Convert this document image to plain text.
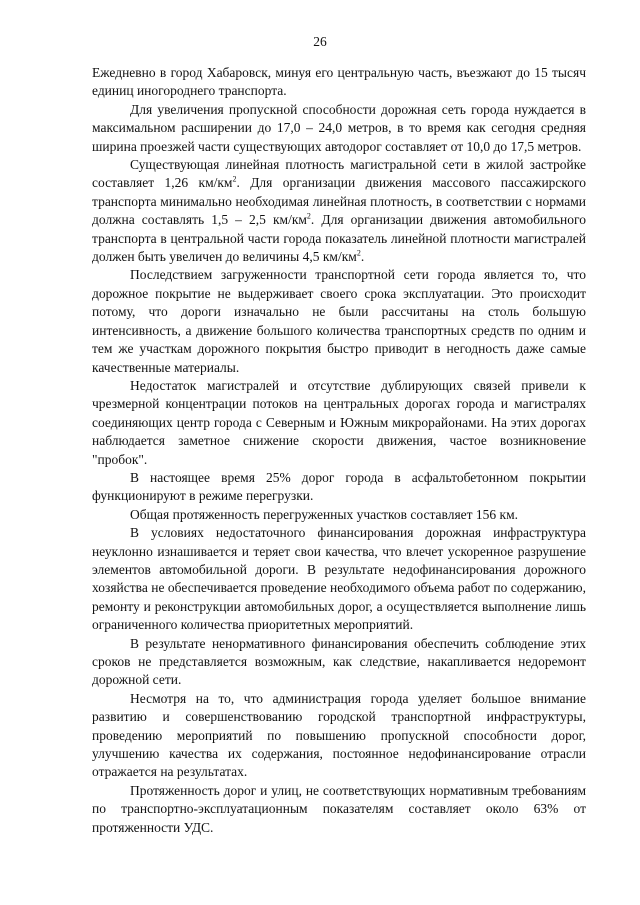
26

Ежедневно в город Хабаровск, минуя его центральную часть, въезжают до 15 тысяч единиц иногороднего транспорта.

Для увеличения пропускной способности дорожная сеть города нуждается в максимальном расширении до 17,0 – 24,0 метров, в то время как сегодня средняя ширина проезжей части существующих автодорог составляет от 10,0 до 17,5 метров.

Существующая линейная плотность магистральной сети в жилой застройке составляет 1,26 $км/км^2$. Для организации движения массового пассажирского транспорта минимально необходимая линейная плотность, в соответствии с нормами должна составлять 1,5 – 2,5 $км/км^2$. Для организации движения автомобильного транспорта в центральной части города показатель линейной плотности магистралей должен быть увеличен до величины 4,5 $км/км^2$.

Последствием загруженности транспортной сети города является то, что дорожное покрытие не выдерживает своего срока эксплуатации. Это происходит потому, что дороги изначально не были рассчитаны на столь большую интенсивность, а движение большого количества транспортных средств по одним и тем же участкам дорожного покрытия быстро приводит в негодность даже самые качественные материалы.

Недостаток магистралей и отсутствие дублирующих связей привели к чрезмерной концентрации потоков на центральных дорогах города и магистралях соединяющих центр города с Северным и Южным микрорайонами. На этих дорогах наблюдается заметное снижение скорости движения, частое возникновение "пробок".

В настоящее время 25% дорог города в асфальтобетонном покрытии функционируют в режиме перегрузки.

Общая протяженность перегруженных участков составляет 156 км.

В условиях недостаточного финансирования дорожная инфраструктура неуклонно изнашивается и теряет свои качества, что влечет ускоренное разрушение элементов автомобильной дороги. В результате недофинансирования дорожного хозяйства не обеспечивается проведение необходимого объема работ по содержанию, ремонту и реконструкции автомобильных дорог, а осуществляется выполнение лишь ограниченного количества приоритетных мероприятий.

В результате ненормативного финансирования обеспечить соблюдение этих сроков не представляется возможным, как следствие, накапливается недоремонт дорожной сети.

Несмотря на то, что администрация города уделяет большое внимание развитию и совершенствованию городской транспортной инфраструктуры, проведению мероприятий по повышению пропускной способности дорог, улучшению качества их содержания, постоянное недофинансирование отрасли отражается на результатах.

Протяженность дорог и улиц, не соответствующих нормативным требованиям по транспортно-эксплуатационным показателям составляет около 63% от протяженности УДС.
